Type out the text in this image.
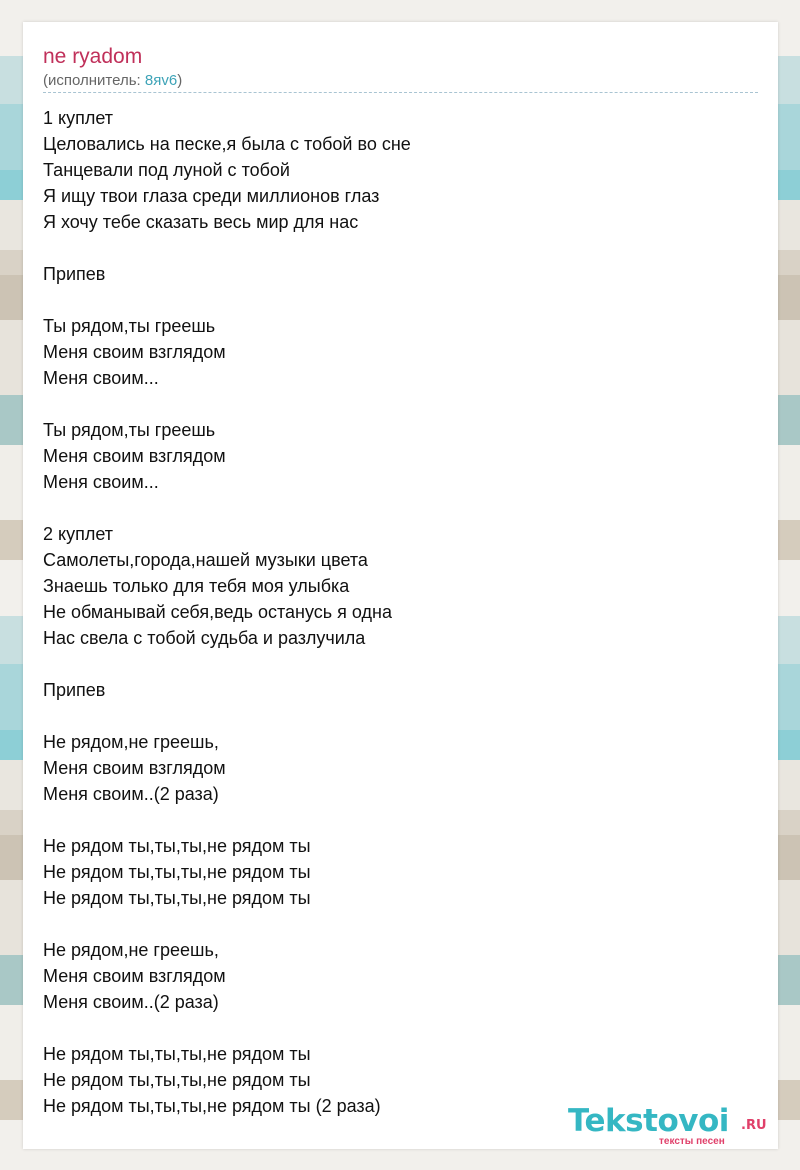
ne ryadom
(исполнитель: 8яv6)
1 куплет
Целовались на песке,я была с тобой во сне
Танцевали под луной с тобой
Я ищу твои глаза среди миллионов глаз
Я хочу тебе сказать весь мир для нас

Припев

Ты рядом,ты греешь
Меня своим взглядом
Меня своим...

Ты рядом,ты греешь
Меня своим взглядом
Меня своим...

2 куплет
Самолеты,города,нашей музыки цвета
Знаешь только для тебя моя улыбка
Не обманывай себя,ведь останусь я одна
Нас свела с тобой судьба и разлучила

Припев

Не рядом,не греешь,
Меня своим взглядом
Меня своим..(2 раза)

Не рядом ты,ты,ты,не рядом ты
Не рядом ты,ты,ты,не рядом ты
Не рядом ты,ты,ты,не рядом ты

Не рядом,не греешь,
Меня своим взглядом
Меня своим..(2 раза)

Не рядом ты,ты,ты,не рядом ты
Не рядом ты,ты,ты,не рядом ты
Не рядом ты,ты,ты,не рядом ты (2 раза)	Tekstovoi .RU
тексты песен
